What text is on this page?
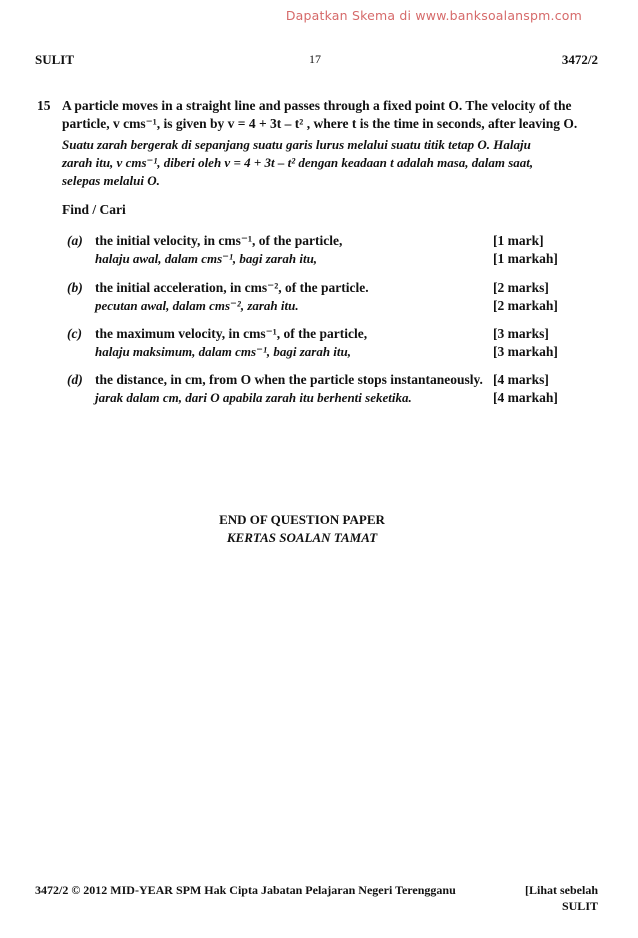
Dapatkan Skema di www.banksoalanspm.com
SULIT	17	3472/2
15 A particle moves in a straight line and passes through a fixed point O. The velocity of the
particle, v cms⁻¹, is given by v = 4 + 3t – t² , where t is the time in seconds, after leaving O.
Suatu zarah bergerak di sepanjang suatu garis lurus melalui suatu titik tetap O. Halaju
zarah itu, v cms⁻¹, diberi oleh v = 4 + 3t – t² dengan keadaan t adalah masa, dalam saat,
selepas melalui O.
Find / Cari
(a) the initial velocity, in cms⁻¹, of the particle,
halaju awal, dalam cms⁻¹, bagi zarah itu,
[1 mark]
[1 markah]
(b) the initial acceleration, in cms⁻², of the particle.
pecutan awal, dalam cms⁻², zarah itu.
[2 marks]
[2 markah]
(c) the maximum velocity, in cms⁻¹, of the particle,
halaju maksimum, dalam cms⁻¹, bagi zarah itu,
[3 marks]
[3 markah]
(d) the distance, in cm, from O when the particle stops instantaneously.
jarak dalam cm, dari O apabila zarah itu berhenti seketika.
[4 marks]
[4 markah]
END OF QUESTION PAPER
KERTAS SOALAN TAMAT
3472/2 © 2012 MID-YEAR SPM Hak Cipta Jabatan Pelajaran Negeri Terengganu	[Lihat sebelah
SULIT
